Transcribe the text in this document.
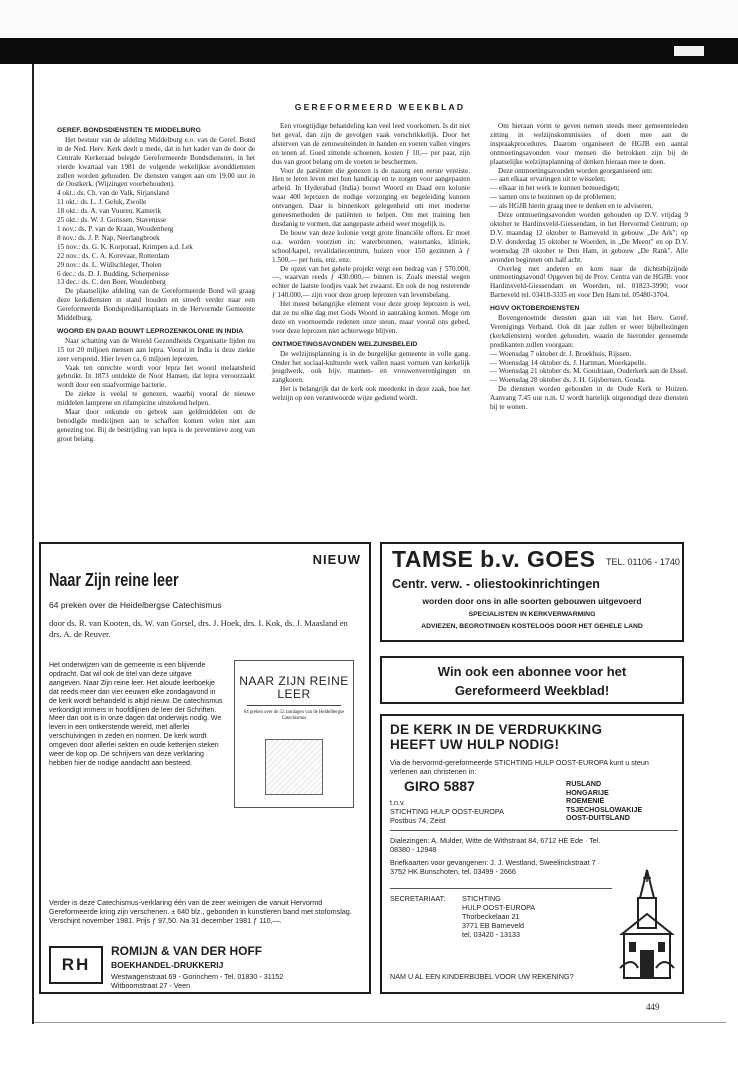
GEREFORMEERD WEEKBLAD

GEREF. BONDSDIENSTEN TE MIDDELBURG

Het bestuur van de afdeling Middelburg e.o. van de Geref. Bond in de Ned. Herv. Kerk deelt u mede, dat in het kader van de door de Centrale Kerkeraad belegde Gereformeerde Bondsdiensten, in het vierde kwartaal van 1981 de volgende wekelijkse avonddiensten zullen worden gehouden. De diensten vangen aan om 19.00 uur in de Oostkerk. (Wijzingen voorbehouden).

4 okt.: ds. Ch. van de Valk, Sirjansland
11 okt.: ds. L. J. Geluk, Zwolle
18 okt.: ds. A. van Vuuren, Kamerik
25 okt.: ds. W. J. Gorissen, Stavenisse
1 nov.: ds. P. van de Kraan, Woudenberg
8 nov.: ds. J. P. Nap, Neerlangbroek
15 nov.: ds. G. K. Korporaal, Krimpen a.d. Lek
22 nov.: ds. C. A. Korevaar, Rotterdam
29 nov.: ds. L. Wüllschleger, Tholen
6 dec.: ds. D. J. Budding, Scherpenisse
13 dec.: ds. C. den Boer, Woudenberg

De plaatselijke afdeling van de Gereformeerde Bond wil graag deze kerkdiensten in stand houden en streeft verder naar een Gereformeerde Bondspredikantsplaats in de Hervormde Gemeente Middelburg.

WOORD EN DAAD BOUWT LEPROZENKOLONIE IN INDIA

Naar schatting van de Wereld Gezondheids Organisatie lijden nu 15 tot 20 miljoen mensen aan lepra. Vooral in India is deze ziekte zeer verspreid. Hier leven ca. 6 miljoen leprozen.

Vaak ten onrechte wordt voor lepra het woord melaatsheid gebruikt. In 1873 ontdekte de Noor Hansen, dat lepra veroorzaakt wordt door een staafvormige bacterie.

De ziekte is veelal te genezen, waarbij vooral de nieuwe middelen lamprene en rifampicine uitstekend helpen.

Maar door onkunde en gebrek aan geldmiddelen om de benodigde medicijnen aan te schaffen komen velen niet aan genezing toe. Bij de bestrijding van lepra is de preventieve zorg van groot belang.

Een vroegtijdige behandeling kan veel leed voorkomen. Is dit niet het geval, dan zijn de gevolgen vaak verschrikkelijk. Door het afsterven van de zenuwuiteinden in handen en voeten vallen vingers en tenen af. Goed zittende schoenen, kosten ƒ 10,— per paar, zijn dus van groot belang om de voeten te beschermen.

Voor de patiënten die genezen is de nazorg een eerste vereiste. Hen te leren leven met hun handicap en te zorgen voor aangepasten arbeid. In Hyderabad (India) bouwt Woord en Daad een kolonie waar 400 leprozen de nodige verzorging en begeleiding kunnen ontvangen. Daar is binnenkort gelegenheid om met moderne geneesmethoden de patiënten te helpen. Om met training hen dusdanig te vormen, dat aangepaste arbeid weer mogelijk is.

De bouw van deze kolonie vergt grote financiële offers. Er moet o.a. worden voorzien in: waterbronnen, watertanks, kliniek, school/kapel, revalidatiecentrum, huizen voor 150 gezinnen à ƒ 1.500,— per huis, enz. enz.

De opzet van het gehele projekt vergt een bedrag van ƒ 570.000,—, waarvan reeds ƒ 430.000,— binnen is. Zoals meestal wegen echter de laatste loodjes vaak het zwaarst. En ook de nog resterende ƒ 140.000,— zijn voor deze groep leprozen van levensbelang.

Het meest belangrijke element voor deze groep leprozen is wel, dat ze nu elke dag met Gods Woord in aanraking komen. Moge om deze en voornoemde redenen onze steun, maar vooral ons gebed, voor deze leprozen niet achterwege blijven.

ONTMOETINGSAVONDEN WELZIJNSBELEID

De welzijnsplanning is in de burgelijke gemeente in volle gang. Onder het sociaal-kulturele werk vallen naast vormen van kerkelijk jeugdwerk, ook bijv. mannen- en vrouwenverenigingen en zangkoren.

Het is belangrijk dat de kerk ook meedenkt in deze zaak, hoe het welzijn op een verantwoorde wijze gediend wordt.

Om hieraan vorm te geven nemen steeds meer gemeenteleden zitting in welzijnskommissies of doen mee aan de inspraakprocedures. Daarom organiseert de HGJB een aantal ontmoetingsavonden voor mensen die betrokken zijn bij de plaatselijke welzijnsplanning of denken hieraan mee te doen.

Deze ontmoetingsavonden worden georganiseerd om:

— aan elkaar ervaringen uit te wisselen;
— elkaar in het werk te kunnen bemoedigen;
— samen ons te bezinnen op de problemen;
— als HGJB hierin graag mee te denken en te adviseren.

Deze ontmoetingsavonden worden gehouden op D.V. vrijdag 9 oktober te Hardinxveld-Giessendam, in het Hervormd Centrum; op D.V. maandag 12 oktober te Barneveld in gebouw „De Ark"; op D.V. donderdag 15 oktober te Woerden, in „De Meent" en op D.V. woensdag 28 oktober te Den Ham, in gebouw „De Rank". Alle avonden beginnen om half acht.

Overleg met anderen en kom naar de dichtstbijzijnde ontmoetingsavond! Opgeven bij de Prov. Centra van de HGJB: voor Hardinxveld-Giessendam en Woerden, tel. 01823-3990; voor Barneveld tel. 03418-3335 en voor Den Ham tel. 05480-3704.

HGVV OKTOBERDIENSTEN

Bovengenoemde diensten gaan uit van het Herv. Geref. Verenigings Verband. Ook dit jaar zullen er weer bijbellezingen (kerkdiensten) worden gehouden, waarin de hieronder genoemde predikanten zullen voorgaan:

— Woensdag 7 oktober dr. J. Broekhuis, Rijssen.
— Woensdag 14 oktober ds. J. Hartman, Moerkapelle.
— Woensdag 21 oktober ds. M. Goudriaan, Ouderkerk aan de IJssel.
— Woensdag 28 oktober ds. J. H. Gijsbertsen, Gouda.

De diensten worden gehouden in de Oude Kerk te Huizen. Aanvang 7.45 uur n.m. U wordt hartelijk uitgenodigd deze diensten bij te wonen.

NIEUW
Naar Zijn reine leer
64 preken over de Heidelbergse Catechismus
door ds. R. van Kooten, ds. W. van Gorsel, drs. J. Hoek, drs. I. Kok, ds. J. Maasland en drs. A. de Reuver.
Het onderwijzen van de gemeente is een blijvende opdracht. Dat wil ook de titel van deze uitgave aangeven. Naar Zijn reine leer. Het aloude leerboekje dat reeds meer dan vier eeuwen elke zondagavond in de kerk wordt behandeld is altijd nieuw. De catechismus verkondigt immers in hoofdlijnen de leer der Schriften. Meer dan ooit is in onze dagen dat onderwijs nodig. We leven in een ontkerstende wereld, met allerlei verschuivingen in zeden en normen. De kerk wordt omgeven door allerlei sekten en oude ketterijen steken weer de kop op. De schrijvers van deze verklaring hebben hier de nodige aandacht aan besteed.
NAAR ZIJN REINE LEER
64 preken over de 52 zondagen van de Heidelbergse Catechismus
Verder is deze Catechismus-verklaring één van de zeer weinigen die vanuit Hervormd Gereformeerde kring zijn verschenen. ± 640 blz., gebonden in kunstleren band met stofomslag. Verschijnt november 1981. Prijs ƒ 97,50. Na 31 december 1981 ƒ 110,—.
RH
ROMIJN & VAN DER HOFF
BOEKHANDEL-DRUKKERIJ
Westwagenstraat 69 - Gorinchem - Tel. 01830 - 31152
Witboomstraat 27 - Veen
TAMSE b.v. GOES TEL. 01106 - 1740
Centr. verw. - oliestookinrichtingen
worden door ons in alle soorten gebouwen uitgevoerd
SPECIALISTEN IN KERKVERWARMING
ADVIEZEN, BEGROTINGEN KOSTELOOS DOOR HET GEHELE LAND
Win ook een abonnee voor het
Gereformeerd Weekblad!
DE KERK IN DE VERDRUKKING
HEEFT UW HULP NODIG!
Via de hervormd-gereformeerde STICHTING HULP OOST-EUROPA kunt u steun verlenen aan christenen in:
GIRO 5887	RUSLAND
HONGARIJE
ROEMENIË
TSJECHOSLOWAKIJE
OOST-DUITSLAND
t.n.v.
STICHTING HULP OOST-EUROPA
Postbus 74, Zeist
Dialezingen: A. Mulder, Witte de Withstraat 84, 6712 HE Ede · Tel. 08380 - 12948
Briefkaarten voor gevangenen: J. J. Westland, Sweelinckstraat 7 · 3752 HK Bunschoten, tel. 03499 - 2666
SECRETARIAAT: STICHTING
HULP OOST-EUROPA
Thorbeckelaan 21
3771 EB Barneveld
tel. 03420 - 13133
NAM U AL EEN KINDERBIJBEL VOOR UW REKENING?
449
